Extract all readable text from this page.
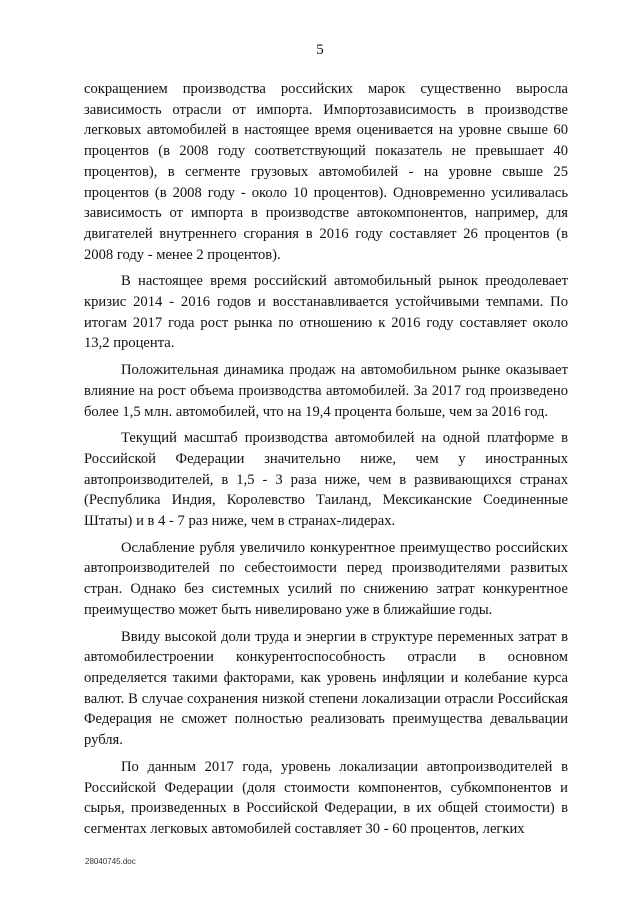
5

сокращением производства российских марок существенно выросла зависимость отрасли от импорта. Импортозависимость в производстве легковых автомобилей в настоящее время оценивается на уровне свыше 60 процентов (в 2008 году соответствующий показатель не превышает 40 процентов), в сегменте грузовых автомобилей - на уровне свыше 25 процентов (в 2008 году - около 10 процентов). Одновременно усиливалась зависимость от импорта в производстве автокомпонентов, например, для двигателей внутреннего сгорания в 2016 году составляет 26 процентов (в 2008 году - менее 2 процентов).

В настоящее время российский автомобильный рынок преодолевает кризис 2014 - 2016 годов и восстанавливается устойчивыми темпами. По итогам 2017 года рост рынка по отношению к 2016 году составляет около 13,2 процента.

Положительная динамика продаж на автомобильном рынке оказывает влияние на рост объема производства автомобилей. За 2017 год произведено более 1,5 млн. автомобилей, что на 19,4 процента больше, чем за 2016 год.

Текущий масштаб производства автомобилей на одной платформе в Российской Федерации значительно ниже, чем у иностранных автопроизводителей, в 1,5 - 3 раза ниже, чем в развивающихся странах (Республика Индия, Королевство Таиланд, Мексиканские Соединенные Штаты) и в 4 - 7 раз ниже, чем в странах-лидерах.

Ослабление рубля увеличило конкурентное преимущество российских автопроизводителей по себестоимости перед производителями развитых стран. Однако без системных усилий по снижению затрат конкурентное преимущество может быть нивелировано уже в ближайшие годы.

Ввиду высокой доли труда и энергии в структуре переменных затрат в автомобилестроении конкурентоспособность отрасли в основном определяется такими факторами, как уровень инфляции и колебание курса валют. В случае сохранения низкой степени локализации отрасли Российская Федерация не сможет полностью реализовать преимущества девальвации рубля.

По данным 2017 года, уровень локализации автопроизводителей в Российской Федерации (доля стоимости компонентов, субкомпонентов и сырья, произведенных в Российской Федерации, в их общей стоимости) в сегментах легковых автомобилей составляет 30 - 60 процентов, легких

28040745.doc
